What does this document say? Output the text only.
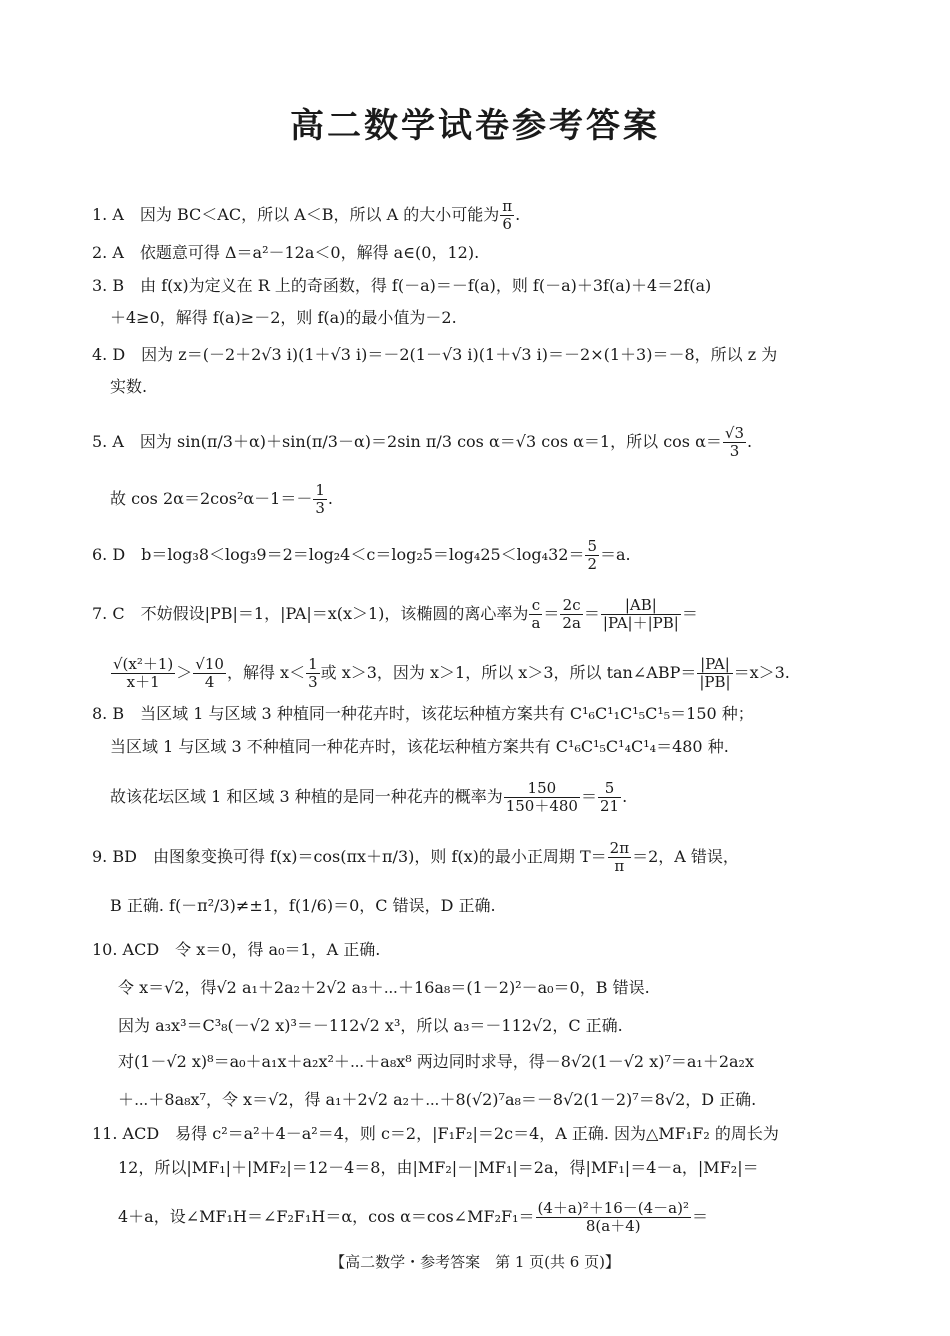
高二数学试卷参考答案
1. A　因为 BC＜AC，所以 A＜B，所以 A 的大小可能为 $\frac{\pi}{6}$ .
2. A　依题意可得 Δ＝a²－12a＜0，解得 a∈(0，12).
3. B　由 f(x)为定义在 R 上的奇函数，得 f(－a)＝－f(a)，则 f(－a)＋3f(a)＋4＝2f(a)
＋4≥0，解得 f(a)≥－2，则 f(a)的最小值为－2.
4. D　因为 z＝(－2＋2√3 i)(1＋√3 i)＝－2(1－√3 i)(1＋√3 i)＝－2×(1＋3)＝－8，所以 z 为
实数.
5. A　因为 sin(π/3＋α)＋sin(π/3－α)＝2sin π/3 cos α＝√3 cos α＝1，所以 $\cos \alpha= \frac{√3}{3}$ .
故 $\cos 2\alpha=2\cos^2\alpha-1=- \frac{1}{3}$ .
6. D　$b=\log_38<\log_39=2=\log_24<c=\log_25=\log_425<\log_432= \frac{5}{2} =a$.
7. C　不妨假设|PB|＝1，|PA|＝x(x＞1)，该椭圆的离心率为 $\frac{c}{a} = \frac{2c}{2a} = \frac{|AB|}{|PA|+|PB|}$ ＝
$\frac{\text{√(x²＋1)}}{x+1} > \frac{√10}{4}$ ，解得 $x< \frac{1}{3}$ 或 x＞3，因为 x＞1，所以 x＞3，所以 tan∠ABP＝ $\frac{|PA|}{|PB|} =x>3$.
8. B　当区域 1 与区域 3 种植同一种花卉时，该花坛种植方案共有 C¹₆C¹₁C¹₅C¹₅＝150 种；
当区域 1 与区域 3 不种植同一种花卉时，该花坛种植方案共有 C¹₆C¹₅C¹₄C¹₄＝480 种.
故该花坛区域 1 和区域 3 种植的是同一种花卉的概率为 $\frac{150}{150+480} = \frac{5}{21}$ .
9. BD　由图象变换可得 f(x)＝cos(πx＋π/3)，则 f(x)的最小正周期 $T= \frac{2\pi}{\pi} =2$，A 错误，
B 正确. f(－π²/3)≠±1，f(1/6)＝0，C 错误，D 正确.
10. ACD　令 x＝0，得 a₀＝1，A 正确.
令 x＝√2，得√2 a₁＋2a₂＋2√2 a₃＋⋯＋16a₈＝(1－2)²－a₀＝0，B 错误.
因为 a₃x³＝C³₈(－√2 x)³＝－112√2 x³，所以 a₃＝－112√2，C 正确.
对(1－√2 x)⁸＝a₀＋a₁x＋a₂x²＋⋯＋a₈x⁸ 两边同时求导，得－8√2(1－√2 x)⁷＝a₁＋2a₂x
＋⋯＋8a₈x⁷，令 x＝√2，得 a₁＋2√2 a₂＋⋯＋8(√2)⁷a₈＝－8√2(1－2)⁷＝8√2，D 正确.
11. ACD　易得 c²＝a²＋4－a²＝4，则 c＝2，|F₁F₂|＝2c＝4，A 正确. 因为△MF₁F₂ 的周长为
12，所以|MF₁|＋|MF₂|＝12－4＝8，由|MF₂|－|MF₁|＝2a，得|MF₁|＝4－a，|MF₂|＝
4＋a，设∠MF₁H＝∠F₂F₁H＝α，cos α＝cos∠MF₂F₁＝ $\frac{\text{(4＋a)²＋16－(4－a)²}}{8(a+4)}$ ＝
【高二数学・参考答案　第 1 页(共 6 页)】
